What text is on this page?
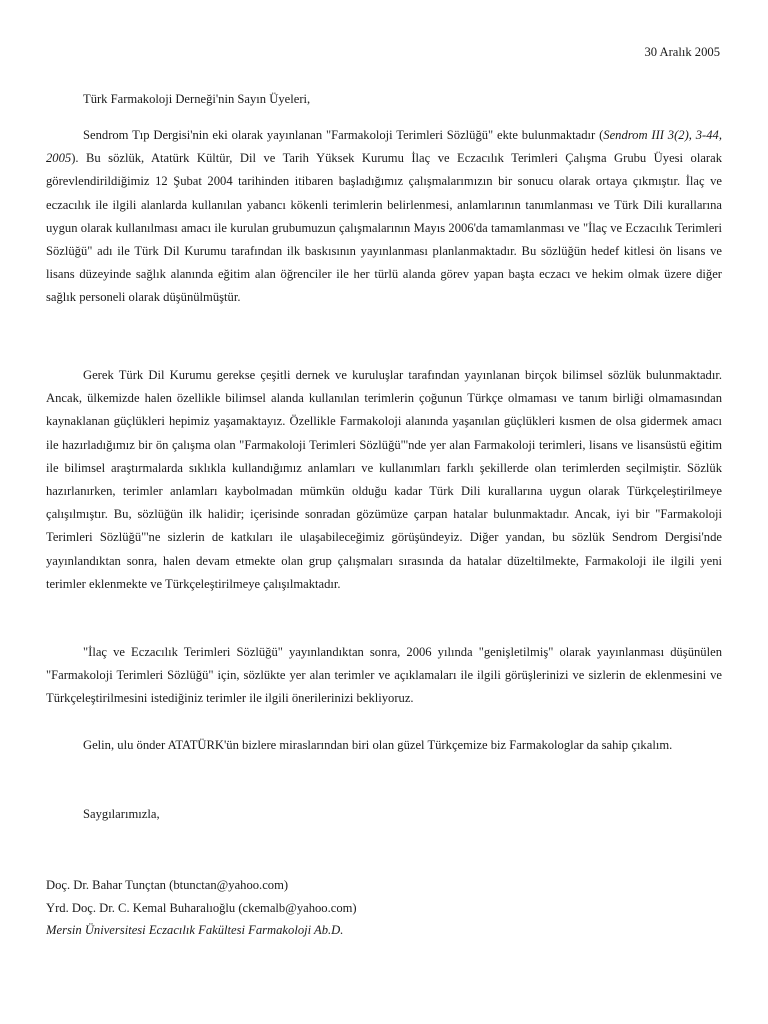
30 Aralık 2005
Türk Farmakoloji Derneği'nin Sayın Üyeleri,

Sendrom Tıp Dergisi'nin eki olarak yayınlanan "Farmakoloji Terimleri Sözlüğü" ekte bulunmaktadır (Sendrom III 3(2), 3-44, 2005). Bu sözlük, Atatürk Kültür, Dil ve Tarih Yüksek Kurumu İlaç ve Eczacılık Terimleri Çalışma Grubu Üyesi olarak görevlendirildiğimiz 12 Şubat 2004 tarihinden itibaren başladığımız çalışmalarımızın bir sonucu olarak ortaya çıkmıştır. İlaç ve eczacılık ile ilgili alanlarda kullanılan yabancı kökenli terimlerin belirlenmesi, anlamlarının tanımlanması ve Türk Dili kurallarına uygun olarak kullanılması amacı ile kurulan grubumuzun çalışmalarının Mayıs 2006'da tamamlanması ve "İlaç ve Eczacılık Terimleri Sözlüğü" adı ile Türk Dil Kurumu tarafından ilk baskısının yayınlanması planlanmaktadır. Bu sözlüğün hedef kitlesi ön lisans ve lisans düzeyinde sağlık alanında eğitim alan öğrenciler ile her türlü alanda görev yapan başta eczacı ve hekim olmak üzere diğer sağlık personeli olarak düşünülmüştür.

Gerek Türk Dil Kurumu gerekse çeşitli dernek ve kuruluşlar tarafından yayınlanan birçok bilimsel sözlük bulunmaktadır. Ancak, ülkemizde halen özellikle bilimsel alanda kullanılan terimlerin çoğunun Türkçe olmaması ve tanım birliği olmamasından kaynaklanan güçlükleri hepimiz yaşamaktayız. Özellikle Farmakoloji alanında yaşanılan güçlükleri kısmen de olsa gidermek amacı ile hazırladığımız bir ön çalışma olan "Farmakoloji Terimleri Sözlüğü"'nde yer alan Farmakoloji terimleri, lisans ve lisansüstü eğitim ile bilimsel araştırmalarda sıklıkla kullandığımız anlamları ve kullanımları farklı şekillerde olan terimlerden seçilmiştir. Sözlük hazırlanırken, terimler anlamları kaybolmadan mümkün olduğu kadar Türk Dili kurallarına uygun olarak Türkçeleştirilmeye çalışılmıştır. Bu, sözlüğün ilk halidir; içerisinde sonradan gözümüze çarpan hatalar bulunmaktadır. Ancak, iyi bir "Farmakoloji Terimleri Sözlüğü"'ne sizlerin de katkıları ile ulaşabileceğimiz görüşündeyiz. Diğer yandan, bu sözlük Sendrom Dergisi'nde yayınlandıktan sonra, halen devam etmekte olan grup çalışmaları sırasında da hatalar düzeltilmekte, Farmakoloji ile ilgili yeni terimler eklenmekte ve Türkçeleştirilmeye çalışılmaktadır.

"İlaç ve Eczacılık Terimleri Sözlüğü" yayınlandıktan sonra, 2006 yılında "genişletilmiş" olarak yayınlanması düşünülen "Farmakoloji Terimleri Sözlüğü" için, sözlükte yer alan terimler ve açıklamaları ile ilgili görüşlerinizi ve sizlerin de eklenmesini ve Türkçeleştirilmesini istediğiniz terimler ile ilgili önerilerinizi bekliyoruz.

Gelin, ulu önder ATATÜRK'ün bizlere miraslarından biri olan güzel Türkçemize biz Farmakologlar da sahip çıkalım.

Saygılarımızla,
Doç. Dr. Bahar Tunçtan (btunctan@yahoo.com)
Yrd. Doç. Dr. C. Kemal Buharalıoğlu (ckemalb@yahoo.com)
Mersin Üniversitesi Eczacılık Fakültesi Farmakoloji Ab.D.
